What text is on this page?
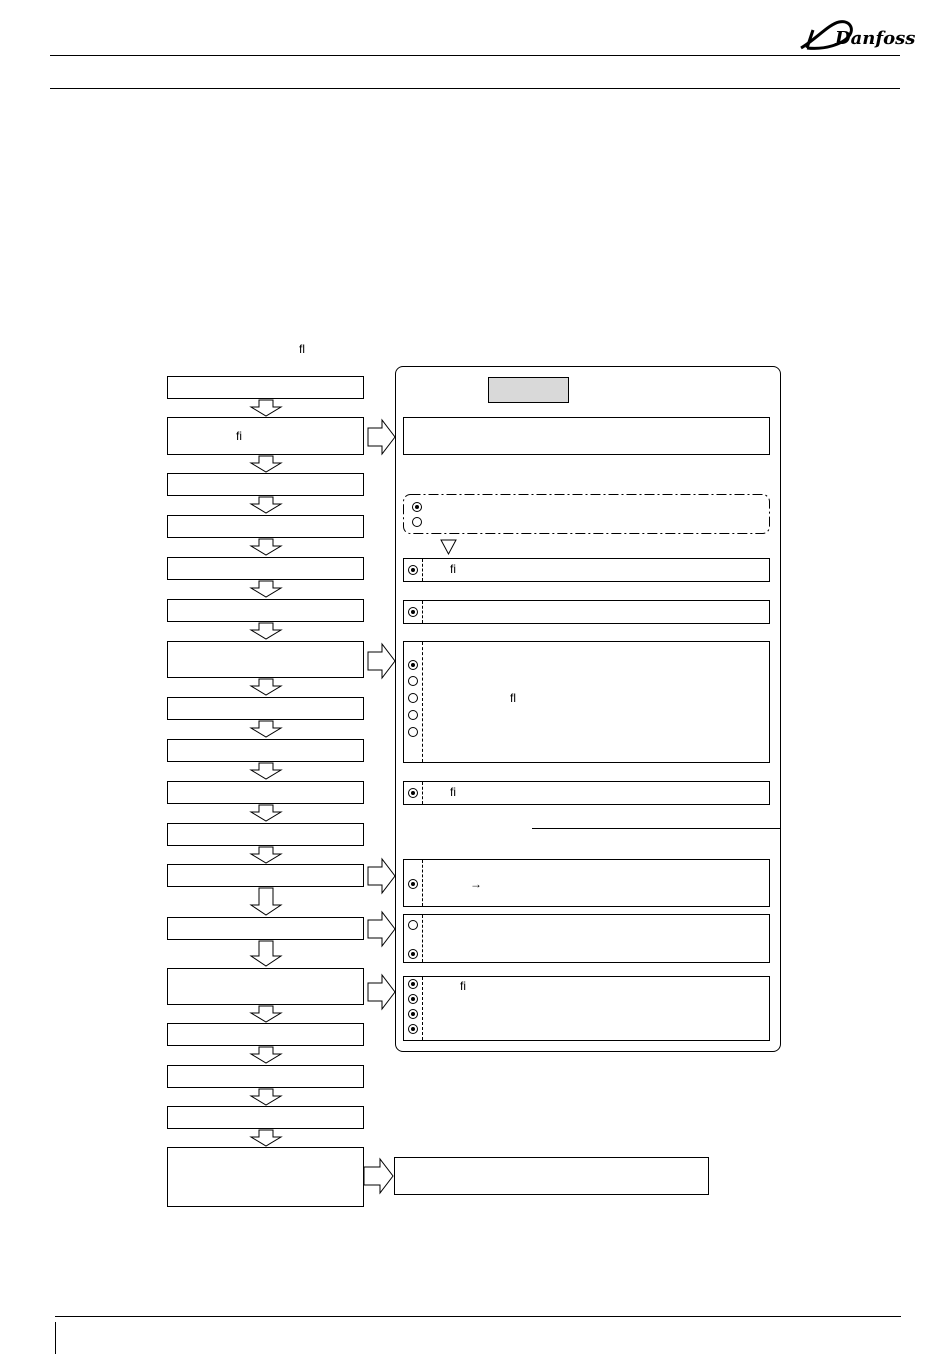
Danfoss
ﬂ
ﬁ
ﬁ
ﬂ
ﬁ
→
ﬁ
